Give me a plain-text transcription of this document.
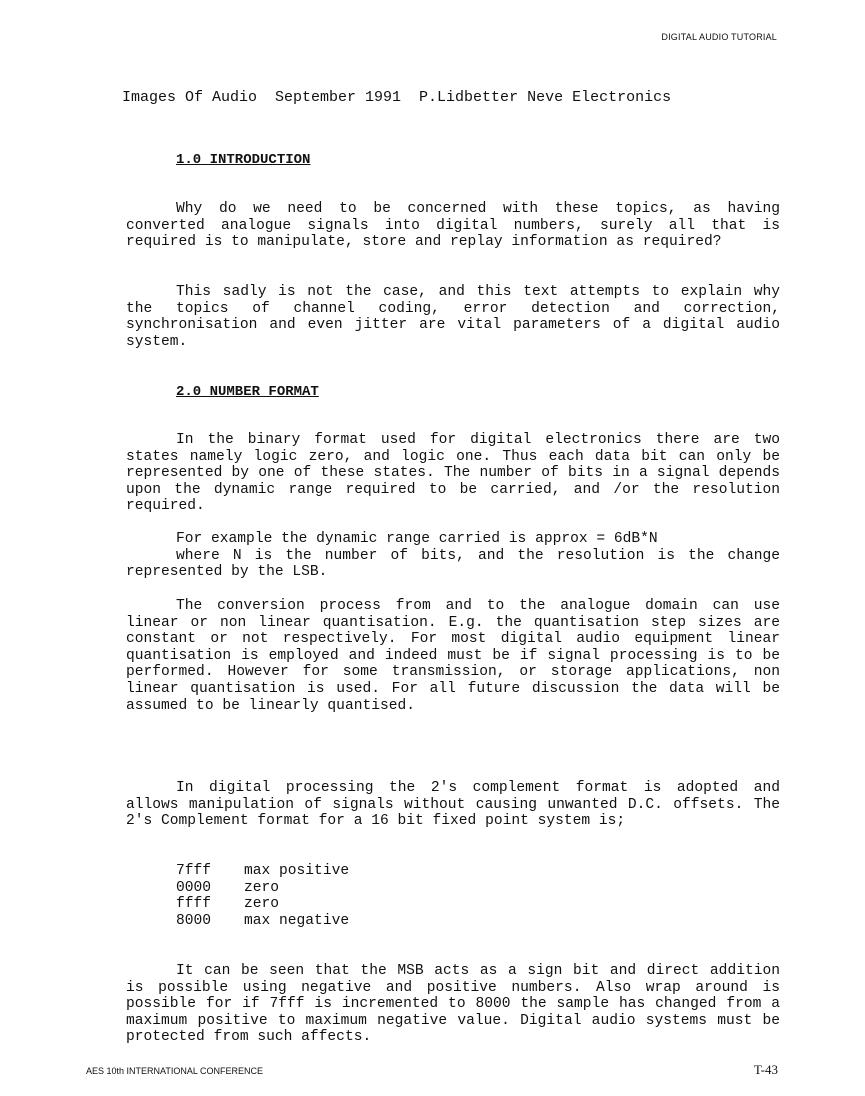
DIGITAL AUDIO TUTORIAL
Images Of Audio  September 1991  P.Lidbetter Neve Electronics
1.0 INTRODUCTION

Why do we need to be concerned with these topics, as having converted analogue signals into digital numbers, surely all that is required is to manipulate, store and replay information as required?

This sadly is not the case, and this text attempts to explain why the topics of channel coding, error detection and correction, synchronisation and even jitter are vital parameters of a digital audio system.

2.0 NUMBER FORMAT

In the binary format used for digital electronics there are two states namely logic zero, and logic one. Thus each data bit can only be represented by one of these states. The number of bits in a signal depends upon the dynamic range required to be carried, and /or the resolution required.

For example the dynamic range carried is approx = 6dB*N

where N is the number of bits, and the resolution is the change represented by the LSB.

The conversion process from and to the analogue domain can use linear or non linear quantisation. E.g. the quantisation step sizes are constant or not respectively. For most digital audio equipment linear quantisation is employed and indeed must be if signal processing is to be performed. However for some transmission, or storage applications, non linear quantisation is used. For all future discussion the data will be assumed to be linearly quantised.

In digital processing the 2's complement format is adopted and allows manipulation of signals without causing unwanted D.C. offsets. The 2's Complement format for a 16 bit fixed point system is;

7fff	max positive
0000	zero
ffff	zero
8000	max negative

It can be seen that the MSB acts as a sign bit and direct addition is possible using negative and positive numbers. Also wrap around is possible for if 7fff is incremented to 8000 the sample has changed from a maximum positive to maximum negative value. Digital audio systems must be protected from such affects.

AES 10th INTERNATIONAL CONFERENCE	T-43
